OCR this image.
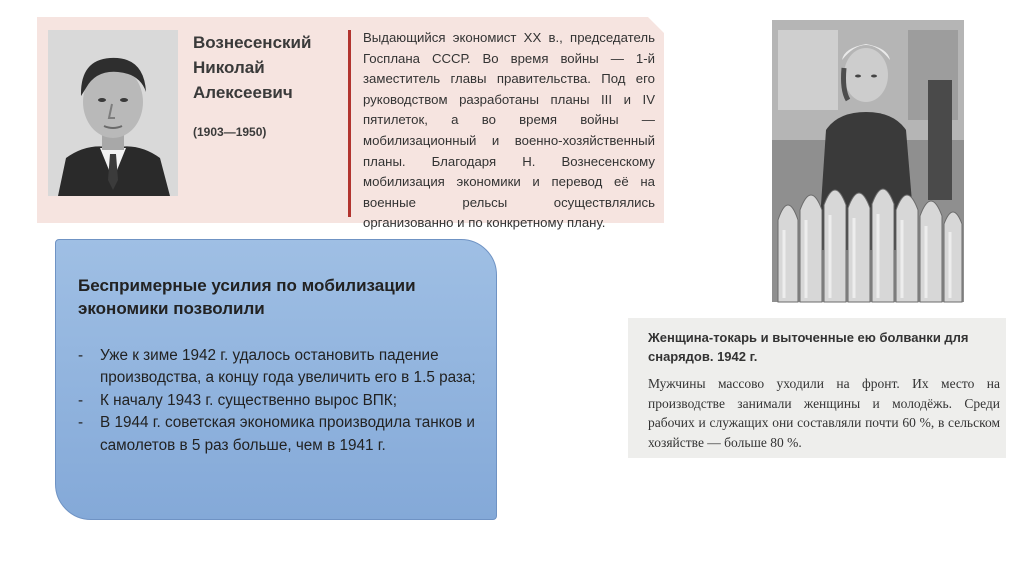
Вознесенский
Николай
Алексеевич
(1903—1950)
Выдающийся экономист XX в., председатель Госплана СССР. Во время войны — 1-й заместитель главы правительства. Под его руководством разработаны планы III и IV пятилеток, а во время войны — мобилизационный и военно-хозяйственный планы. Благодаря Н. Вознесенскому мобилизация экономики и перевод её на военные рельсы осуществлялись организованно и по конкретному плану.
Беспримерные усилия по мобилизации экономики позволили
- Уже к зиме 1942 г. удалось остановить падение производства, а концу года увеличить его в 1.5 раза;
- К началу 1943 г. существенно вырос ВПК;
- В 1944 г. советская экономика производила танков и самолетов в 5 раз больше, чем в 1941 г.
Женщина-токарь и выточенные ею болванки для снарядов. 1942 г.
Мужчины массово уходили на фронт. Их место на производстве занимали женщины и молодёжь. Среди рабочих и служащих они составляли почти 60 %, в сельском хозяйстве — больше 80 %.
